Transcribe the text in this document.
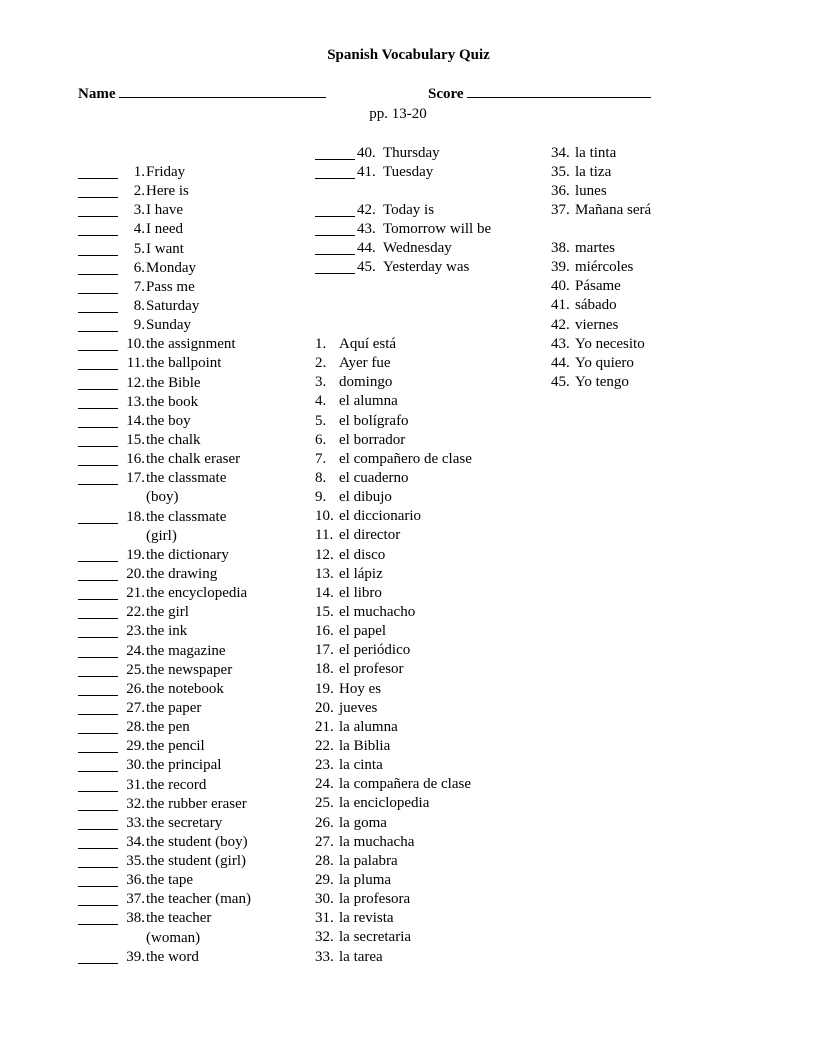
Spanish Vocabulary Quiz
Name	Score
pp. 13-20
1. Friday
2. Here is
3. I have
4. I need
5. I want
6. Monday
7. Pass me
8. Saturday
9. Sunday
10. the assignment
11. the ballpoint
12. the Bible
13. the book
14. the boy
15. the chalk
16. the chalk eraser
17. the classmate
(boy)
18. the classmate
(girl)
19. the dictionary
20. the drawing
21. the encyclopedia
22. the girl
23. the ink
24. the magazine
25. the newspaper
26. the notebook
27. the paper
28. the pen
29. the pencil
30. the principal
31. the record
32. the rubber eraser
33. the secretary
34. the student (boy)
35. the student (girl)
36. the tape
37. the teacher (man)
38. the teacher
(woman)
39. the word
40. Thursday
41. Tuesday
42. Today is
43. Tomorrow will be
44. Wednesday
45. Yesterday was
1. Aquí está
2. Ayer fue
3. domingo
4. el alumna
5. el bolígrafo
6. el borrador
7. el compañero de clase
8. el cuaderno
9. el dibujo
10. el diccionario
11. el director
12. el disco
13. el lápiz
14. el libro
15. el muchacho
16. el papel
17. el periódico
18. el profesor
19. Hoy es
20. jueves
21. la alumna
22. la Biblia
23. la cinta
24. la compañera de clase
25. la enciclopedia
26. la goma
27. la muchacha
28. la palabra
29. la pluma
30. la profesora
31. la revista
32. la secretaria
33. la tarea
34. la tinta
35. la tiza
36. lunes
37. Mañana será
38. martes
39. miércoles
40. Pásame
41. sábado
42. viernes
43. Yo necesito
44. Yo quiero
45. Yo tengo
